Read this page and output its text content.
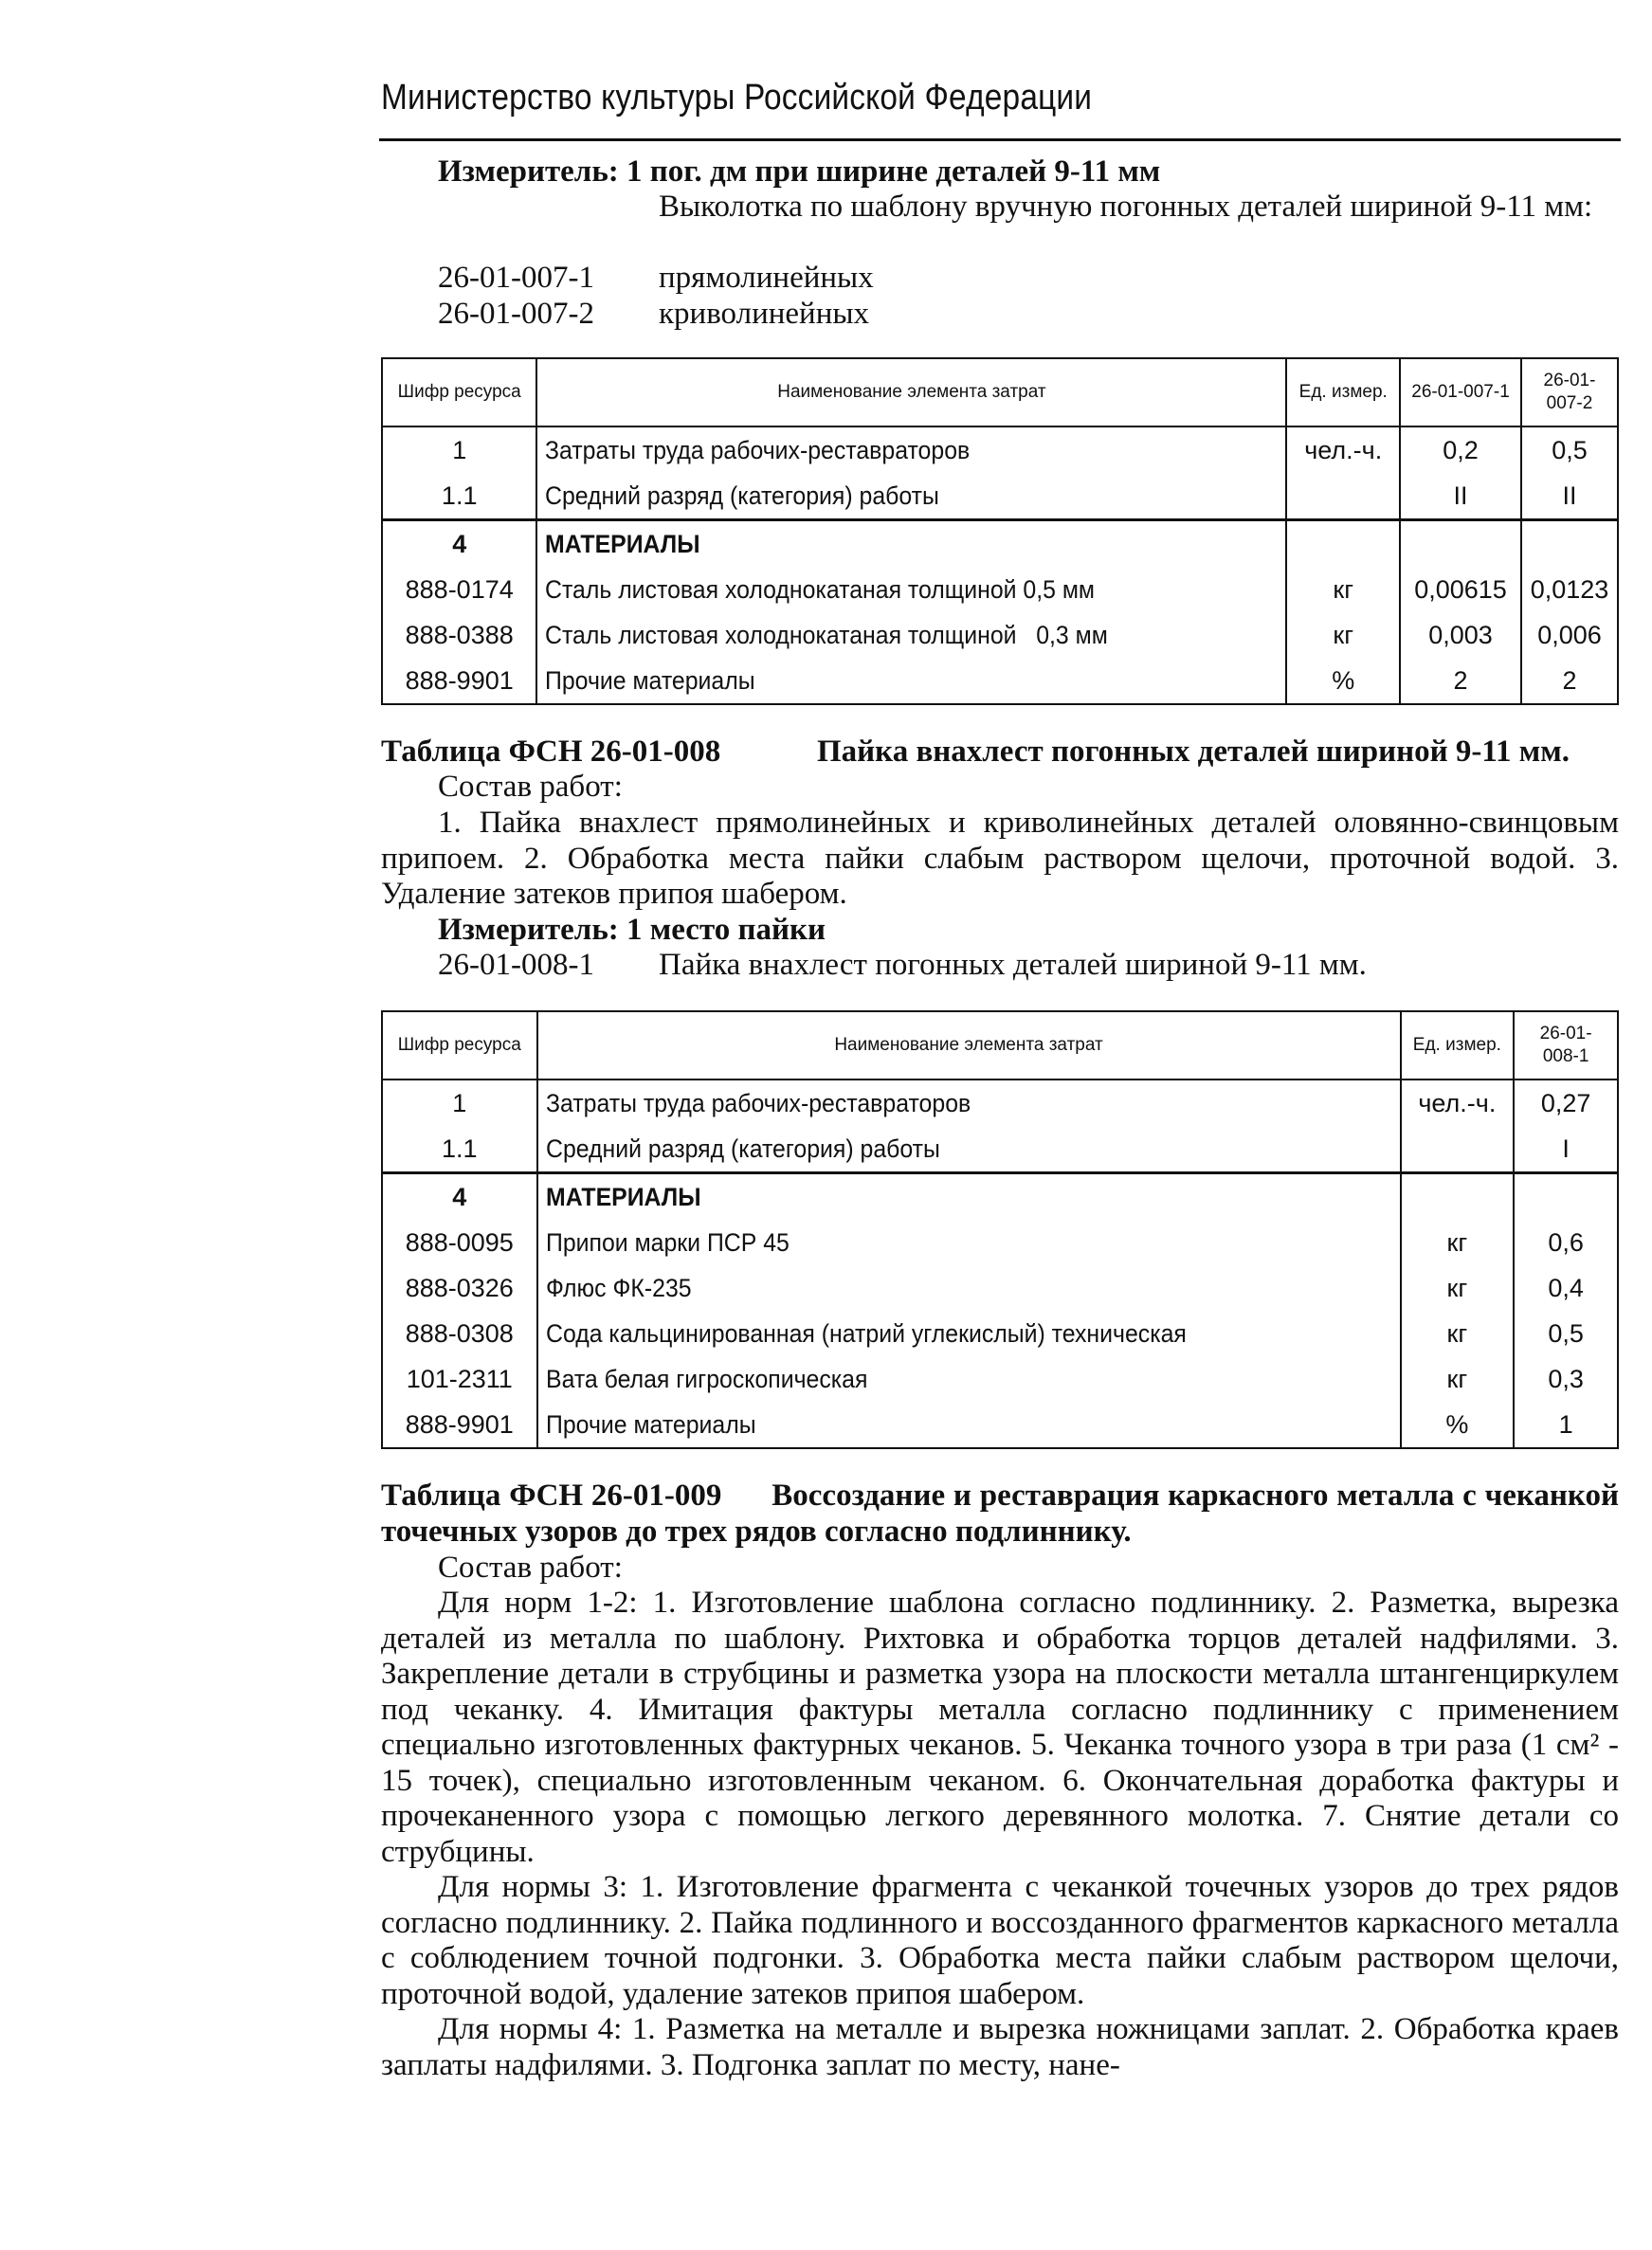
Министерство культуры Российской Федерации
Измеритель: 1 пог. дм при ширине деталей 9-11 мм
Выколотка по шаблону вручную погонных деталей шириной 9-11 мм:
26-01-007-1 прямолинейных
26-01-007-2 криволинейных
Шифр ресурса	Наименование элемента затрат	Ед. измер.	26-01-007-1	26-01-007-2
1	Затраты труда рабочих-реставраторов	чел.-ч.	0,2	0,5
1.1	Средний разряд (категория) работы		II	II
4	МАТЕРИАЛЫ			
888-0174	Сталь листовая холоднокатаная толщиной 0,5 мм	кг	0,00615	0,0123
888-0388	Сталь листовая холоднокатаная толщиной   0,3 мм	кг	0,003	0,006
888-9901	Прочие материалы	%	2	2
Таблица ФСН 26-01-008	Пайка внахлест погонных деталей шириной 9-11 мм.
Состав работ:

1. Пайка внахлест прямолинейных и криволинейных деталей оловянно-свинцовым припоем. 2. Обработка места пайки слабым раствором щелочи, проточной водой. 3. Удаление затеков припоя шабером.

Измеритель: 1 место пайки
26-01-008-1 Пайка внахлест погонных деталей шириной 9-11 мм.
Шифр ресурса	Наименование элемента затрат	Ед. измер.	26-01-008-1
1	Затраты труда рабочих-реставраторов	чел.-ч.	0,27
1.1	Средний разряд (категория) работы		I
4	МАТЕРИАЛЫ		
888-0095	Припои марки ПСР 45	кг	0,6
888-0326	Флюс ФК-235	кг	0,4
888-0308	Сода кальцинированная (натрий углекислый) техническая	кг	0,5
101-2311	Вата белая гигроскопическая	кг	0,3
888-9901	Прочие материалы	%	1

Таблица ФСН 26-01-009 Воссоздание и реставрация каркасного металла с чеканкой точечных узоров до трех рядов согласно подлиннику.

Состав работ:

Для норм 1-2: 1. Изготовление шаблона согласно подлиннику. 2. Разметка, вырезка деталей из металла по шаблону. Рихтовка и обработка торцов деталей надфилями. 3. Закрепление детали в струбцины и разметка узора на плоскости металла штангенциркулем под чеканку. 4. Имитация фактуры металла согласно подлиннику с применением специально изготовленных фактурных чеканов. 5. Чеканка точного узора в три раза (1 см² - 15 точек), специально изготовленным чеканом. 6. Окончательная доработка фактуры и прочеканенного узора с помощью легкого деревянного молотка. 7. Снятие детали со струбцины.

Для нормы 3: 1. Изготовление фрагмента с чеканкой точечных узоров до трех рядов согласно подлиннику. 2. Пайка подлинного и воссозданного фрагментов каркасного металла с соблюдением точной подгонки. 3. Обработка места пайки слабым раствором щелочи, проточной водой, удаление затеков припоя шабером.

Для нормы 4: 1. Разметка на металле и вырезка ножницами заплат. 2. Обработка краев заплаты надфилями. 3. Подгонка заплат по месту, нане-
